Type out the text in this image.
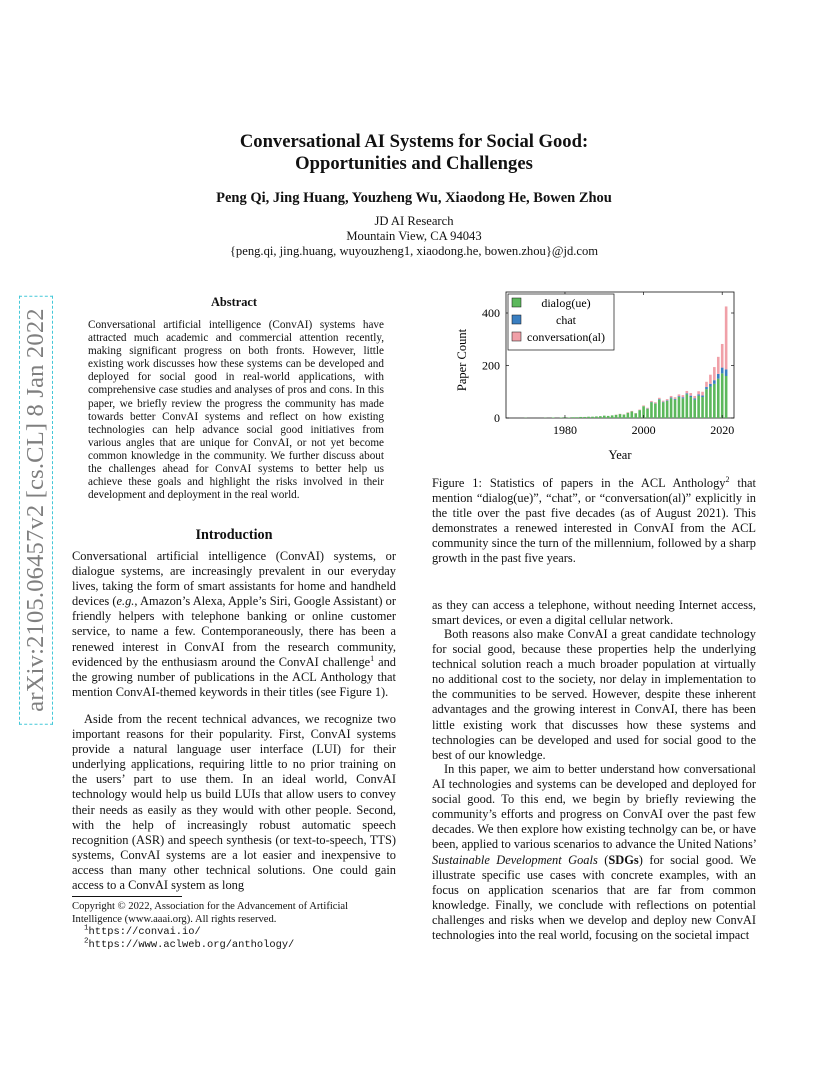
arXiv:2105.06457v2 [cs.CL] 8 Jan 2022
Conversational AI Systems for Social Good:
Opportunities and Challenges
Peng Qi, Jing Huang, Youzheng Wu, Xiaodong He, Bowen Zhou
JD AI Research
Mountain View, CA 94043
{peng.qi, jing.huang, wuyouzheng1, xiaodong.he, bowen.zhou}@jd.com
Abstract
Conversational artificial intelligence (ConvAI) systems have attracted much academic and commercial attention recently, making significant progress on both fronts. However, little existing work discusses how these systems can be developed and deployed for social good in real-world applications, with comprehensive case studies and analyses of pros and cons. In this paper, we briefly review the progress the community has made towards better ConvAI systems and reflect on how existing technologies can help advance social good initiatives from various angles that are unique for ConvAI, or not yet become common knowledge in the community. We further discuss about the challenges ahead for ConvAI systems to better help us achieve these goals and highlight the risks involved in their development and deployment in the real world.
Introduction
Conversational artificial intelligence (ConvAI) systems, or dialogue systems, are increasingly prevalent in our everyday lives, taking the form of smart assistants for home and handheld devices (e.g., Amazon’s Alexa, Apple’s Siri, Google Assistant) or friendly helpers with telephone banking or online customer service, to name a few. Contemporaneously, there has been a renewed interest in ConvAI from the research community, evidenced by the enthusiasm around the ConvAI challenge$^1$ and the growing number of publications in the ACL Anthology that mention ConvAI-themed keywords in their titles (see Figure 1).
Aside from the recent technical advances, we recognize two important reasons for their popularity. First, ConvAI systems provide a natural language user interface (LUI) for their underlying applications, requiring little to no prior training on the users’ part to use them. In an ideal world, ConvAI technology would help us build LUIs that allow users to convey their needs as easily as they would with other people. Second, with the help of increasingly robust automatic speech recognition (ASR) and speech synthesis (or text-to-speech, TTS) systems, ConvAI systems are a lot easier and inexpensive to access than many other technical solutions. One could gain access to a ConvAI system as long
Copyright © 2022, Association for the Advancement of Artificial Intelligence (www.aaai.org). All rights reserved.
$^1$https://convai.io/
$^2$https://www.aclweb.org/anthology/
0
200
400
1980	2000	2020
Paper Count
Year
dialog(ue)
chat
conversation(al)
Figure 1: Statistics of papers in the ACL Anthology$^2$ that mention “dialog(ue)”, “chat”, or “conversation(al)” explicitly in the title over the past five decades (as of August 2021). This demonstrates a renewed interested in ConvAI from the ACL community since the turn of the millennium, followed by a sharp growth in the past five years.
as they can access a telephone, without needing Internet access, smart devices, or even a digital cellular network.
Both reasons also make ConvAI a great candidate technology for social good, because these properties help the underlying technical solution reach a much broader population at virtually no additional cost to the society, nor delay in implementation to the communities to be served. However, despite these inherent advantages and the growing interest in ConvAI, there has been little existing work that discusses how these systems and technologies can be developed and used for social good to the best of our knowledge.
In this paper, we aim to better understand how conversational AI technologies and systems can be developed and deployed for social good. To this end, we begin by briefly reviewing the community’s efforts and progress on ConvAI over the past few decades. We then explore how existing technolgy can be, or have been, applied to various scenarios to advance the United Nations’ Sustainable Development Goals (SDGs) for social good. We illustrate specific use cases with concrete examples, with an focus on application scenarios that are far from common knowledge. Finally, we conclude with reflections on potential challenges and risks when we develop and deploy new ConvAI technologies into the real world, focusing on the societal impact
